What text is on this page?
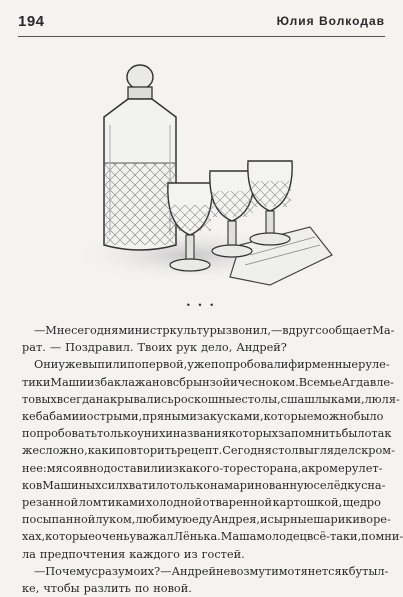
194	Юлия Волкодав
• • •
— Мне сегодня министр культуры звонил, — вдруг сообщает Ма-
рат. — Поздравил. Твоих рук дело, Андрей?
Они уже выпили по первой, уже попробовали фирменные руле-
тики Маши из баклажанов с брынзой и чесноком. В семье Агдавле-
товых всегда накрывались роскошные столы, с шашлыками, люля-
кебабами и острыми, пряными закусками, которые можно было
попробовать только у них и названия которых запомнить было так
же сложно, как и повторить рецепт. Сегодня стол выглядел скром-
нее: мясо явно доставили из какого-то ресторана, а кроме рулет-
ков Машиных сил хватило только на маринованную селёдку с на-
резанной ломтиками холодной отваренной картошкой, щедро
посыпанной луком, любимую еду Андрея, и сырные шарики в оре-
хах, которые очень уважал Лёнька. Маша молодец всё-таки, помни-
ла предпочтения каждого из гостей.
— Почему сразу моих? — Андрей невозмутимо тянется к бутыл-
ке, чтобы разлить по новой.
